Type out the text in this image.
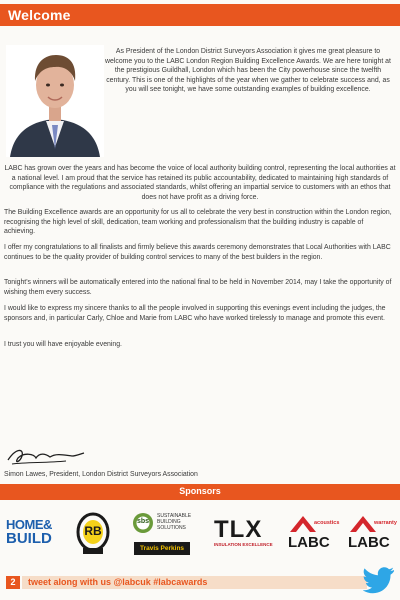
Welcome

As President of the London District Surveyors Association it gives me great pleasure to welcome you to the LABC London Region Building Excellence Awards. We are here tonight at the prestigious Guildhall, London which has been the City powerhouse since the twelfth century. This is one of the highlights of the year when we gather to celebrate success and, as you will see tonight, we have some outstanding examples of building excellence.

LABC has grown over the years and has become the voice of local authority building control, representing the local authorities at a national level. I am proud that the service has retained its public accountability, dedicated to maintaining high standards of compliance with the regulations and associated standards, whilst offering an impartial service to customers with an ethos that does not have profit as a driving force.

The Building Excellence awards are an opportunity for us all to celebrate the very best in construction within the London region, recognising the high level of skill, dedication, team working and professionalism that the building industry is capable of achieving.

I offer my congratulations to all finalists and firmly believe this awards ceremony demonstrates that Local Authorities with LABC continues to be the quality provider of building control services to many of the best builders in the region.

Tonight's winners will be automatically entered into the national final to be held in November 2014, may I take the opportunity of wishing them every success.

I would like to express my sincere thanks to all the people involved in supporting this evenings event including the judges, the sponsors and, in particular Carly, Chloe and Marie from LABC who have worked tirelessly to manage and promote this event.

I trust you will have enjoyable evening.

Simon Lawes, President, London District Surveyors Association

Sponsors
HOME&
BUILD	RB
sbs
SUSTAINABLE
BUILDING
SOLUTIONS
Travis Perkins
TLX
INSULATION EXCELLENCE
acoustics
LABC
warranty
LABC
2	tweet along with us @labcuk #labcawards
